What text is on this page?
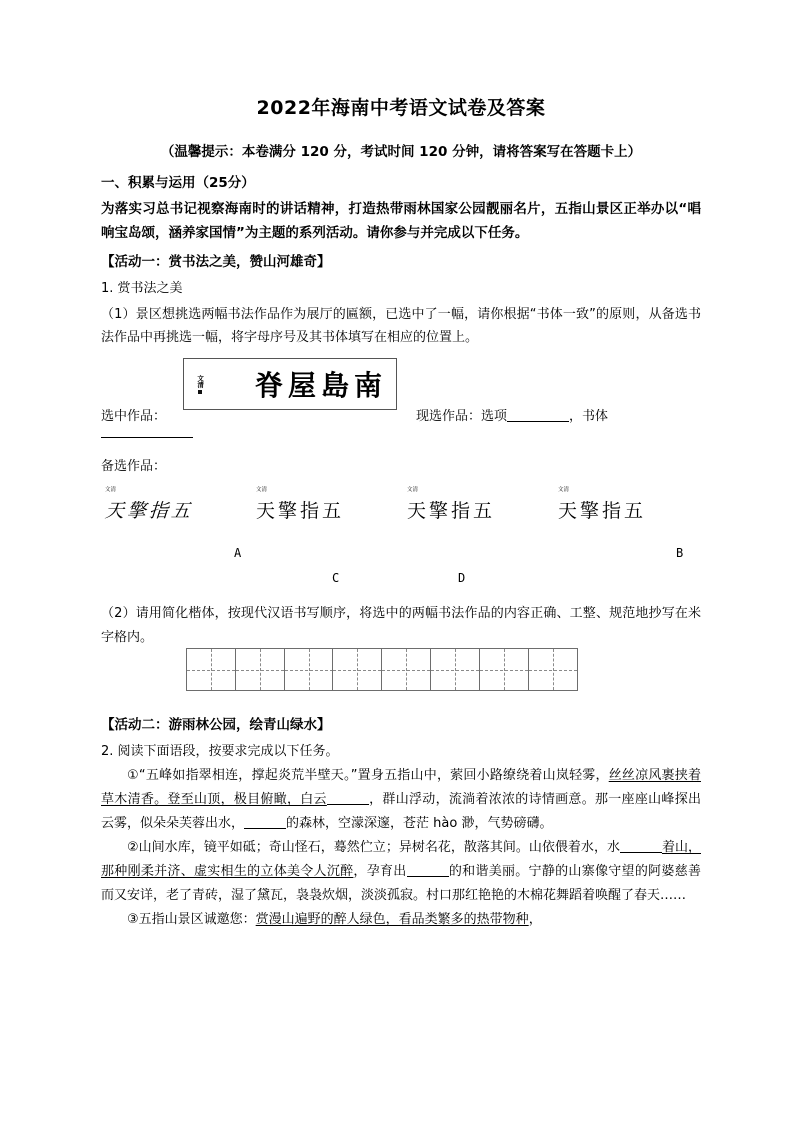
2022年海南中考语文试卷及答案
（温馨提示：本卷满分 120 分，考试时间 120 分钟，请将答案写在答题卡上）
一、积累与运用（25分）
为落实习总书记视察海南时的讲话精神，打造热带雨林国家公园靓丽名片，五指山景区正举办以“唱响宝岛颂，涵养家国情”为主题的系列活动。请你参与并完成以下任务。
【活动一：赏书法之美，赞山河雄奇】
1. 赏书法之美
（1）景区想挑选两幅书法作品作为展厅的匾额，已选中了一幅，请你根据“书体一致”的原则，从备选书法作品中再挑选一幅，将字母序号及其书体填写在相应的位置上。
文清 脊 屋 島 南
选中作品：	现选作品：选项	，书体
备选作品：
文清
天擎指五
文清
天擎指五
文清
天擎指五
文清
天擎指五
A	B
C	D
（2）请用简化楷体，按现代汉语书写顺序，将选中的两幅书法作品的内容正确、工整、规范地抄写在米字格内。
【活动二：游雨林公园，绘青山绿水】
2. 阅读下面语段，按要求完成以下任务。

①“五峰如指翠相连，撑起炎荒半壁天。”置身五指山中，萦回小路缭绕着山岚轻雾，丝丝凉风裹挟着草木清香。登至山顶，极目俯瞰，白云	，群山浮动，流淌着浓浓的诗情画意。那一座座山峰探出云雾，似朵朵芙蓉出水，	的森林，空濛深邃，苍茫 hào 渺，气势磅礴。

②山间水库，镜平如砥；奇山怪石，蓦然伫立；异树名花，散落其间。山依偎着水，水	着山，那种刚柔并济、虚实相生的立体美令人沉醉，孕育出	的和谐美丽。宁静的山寨像守望的阿婆慈善而又安详，老了青砖，湿了黛瓦，袅袅炊烟，淡淡孤寂。村口那红艳艳的木棉花舞蹈着唤醒了春天……

③五指山景区诚邀您：赏漫山遍野的醉人绿色，看品类繁多的热带物种，
